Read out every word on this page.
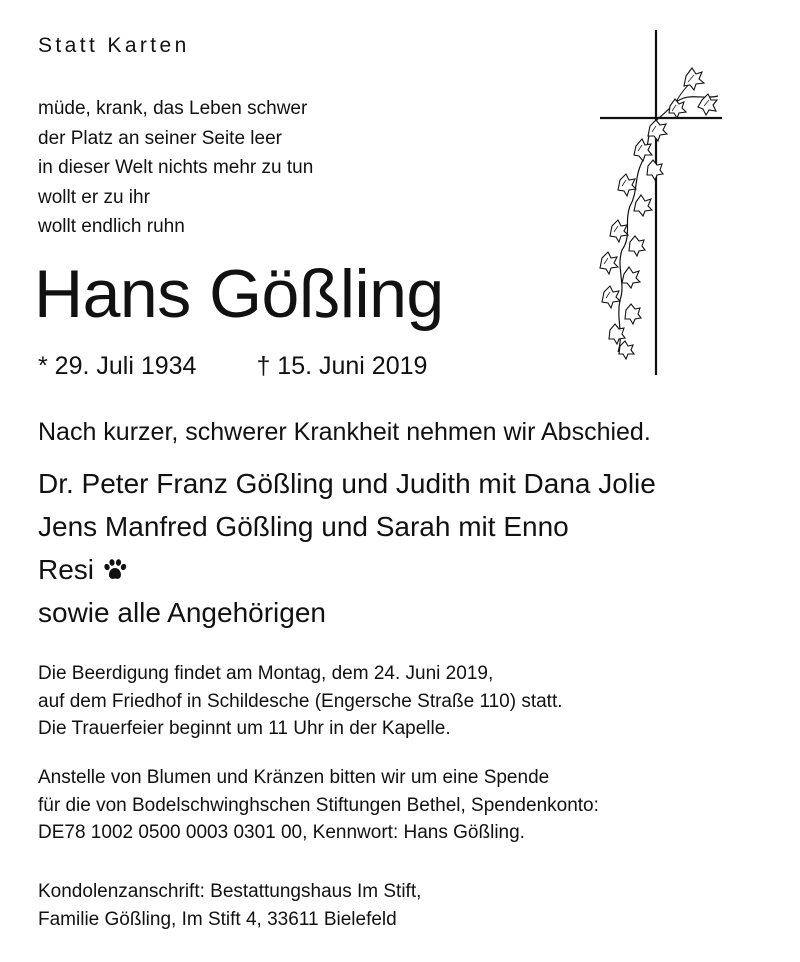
Statt Karten
müde, krank, das Leben schwer
der Platz an seiner Seite leer
in dieser Welt nichts mehr zu tun
wollt er zu ihr
wollt endlich ruhn
Hans Gößling
* 29. Juli 1934 † 15. Juni 2019
Nach kurzer, schwerer Krankheit nehmen wir Abschied.
Dr. Peter Franz Gößling und Judith mit Dana Jolie
Jens Manfred Gößling und Sarah mit Enno
Resi
sowie alle Angehörigen
Die Beerdigung findet am Montag, dem 24. Juni 2019,
auf dem Friedhof in Schildesche (Engersche Straße 110) statt.
Die Trauerfeier beginnt um 11 Uhr in der Kapelle.
Anstelle von Blumen und Kränzen bitten wir um eine Spende
für die von Bodelschwinghschen Stiftungen Bethel, Spendenkonto:
DE78 1002 0500 0003 0301 00, Kennwort: Hans Gößling.
Kondolenzanschrift: Bestattungshaus Im Stift,
Familie Gößling, Im Stift 4, 33611 Bielefeld
